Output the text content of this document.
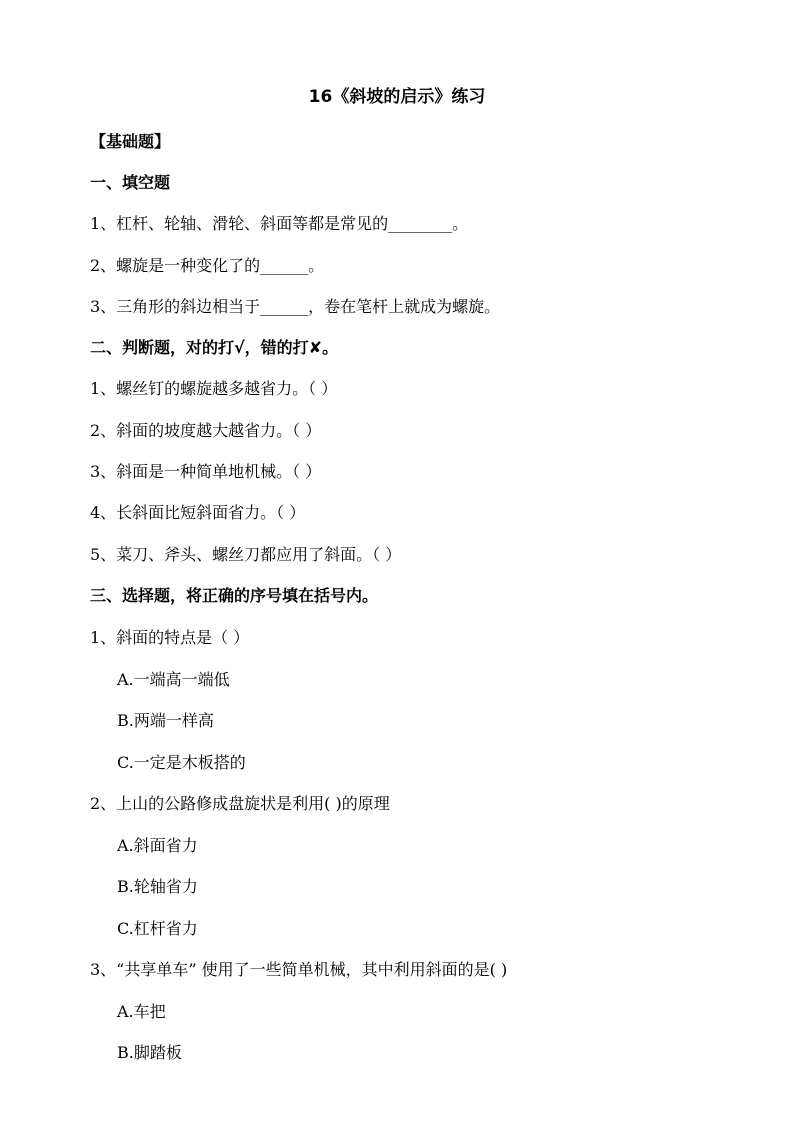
16《斜坡的启示》练习
【基础题】
一、填空题
1、杠杆、轮轴、滑轮、斜面等都是常见的________。
2、螺旋是一种变化了的______。
3、三角形的斜边相当于______，卷在笔杆上就成为螺旋。
二、判断题，对的打√，错的打✘。
1、螺丝钉的螺旋越多越省力。（ ）
2、斜面的坡度越大越省力。（ ）
3、斜面是一种简单地机械。（ ）
4、长斜面比短斜面省力。（ ）
5、菜刀、斧头、螺丝刀都应用了斜面。（ ）
三、选择题，将正确的序号填在括号内。
1、斜面的特点是（ ）
A.一端高一端低
B.两端一样高
C.一定是木板搭的
2、上山的公路修成盘旋状是利用( )的原理
A.斜面省力
B.轮轴省力
C.杠杆省力
3、“共享单车” 使用了一些简单机械，其中利用斜面的是( )
A.车把
B.脚踏板
